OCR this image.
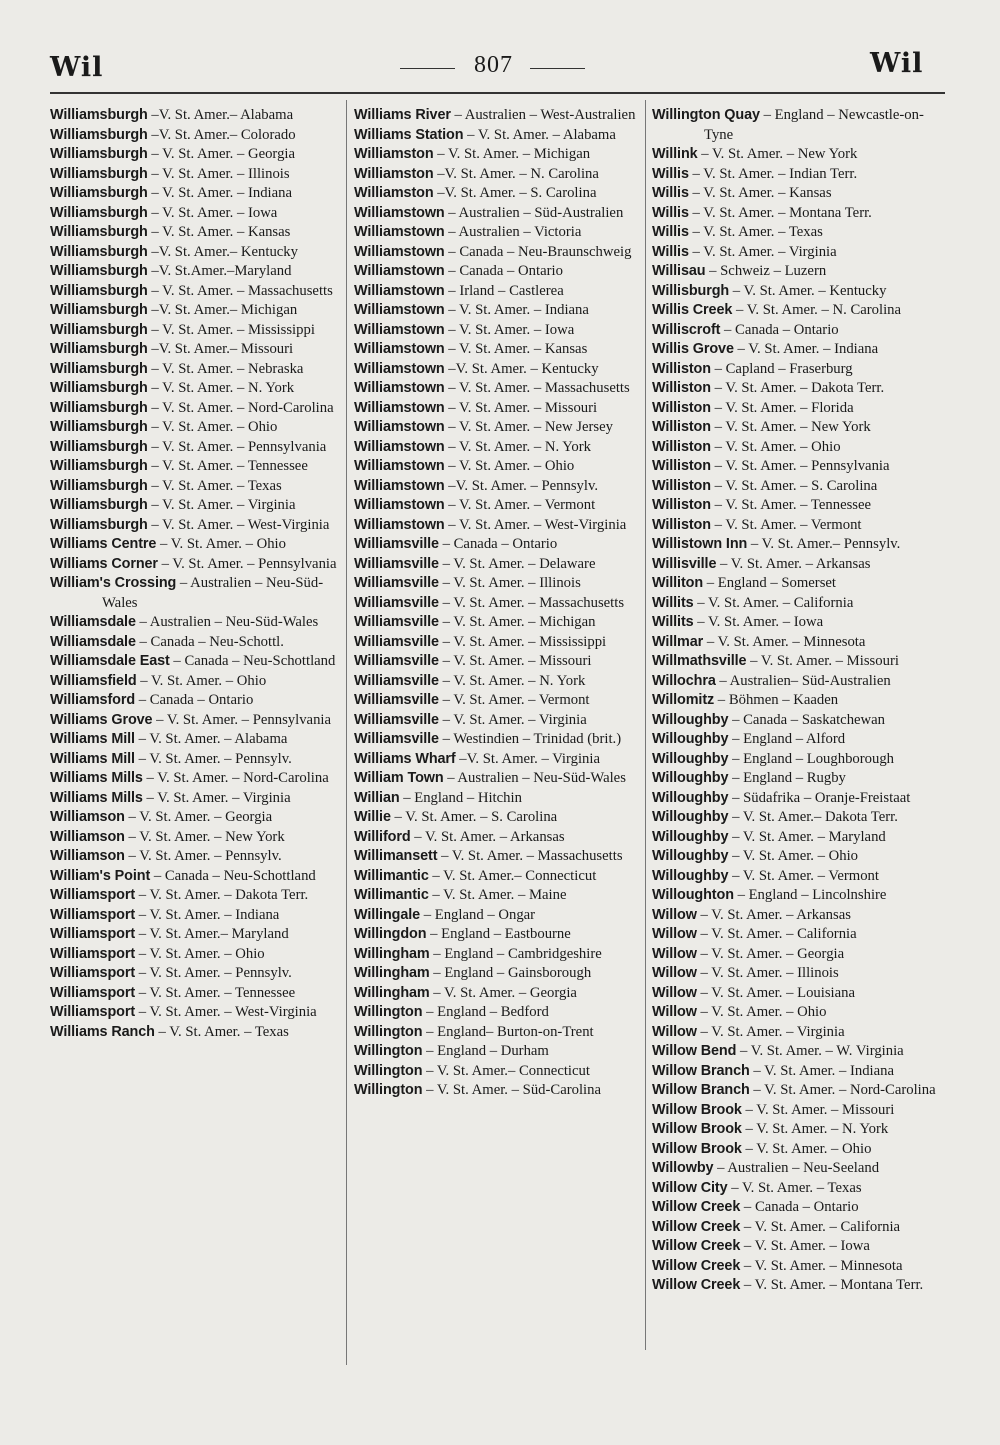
Wil	807	Wil

Williamsburgh –V. St. Amer.– Alabama

Williamsburgh –V. St. Amer.– Colorado

Williamsburgh – V. St. Amer. – Georgia

Williamsburgh – V. St. Amer. – Illinois

Williamsburgh – V. St. Amer. – Indiana

Williamsburgh – V. St. Amer. – Iowa

Williamsburgh – V. St. Amer. – Kansas

Williamsburgh –V. St. Amer.– Kentucky

Williamsburgh –V. St.Amer.–Maryland

Williamsburgh – V. St. Amer. – Massachusetts

Williamsburgh –V. St. Amer.– Michigan

Williamsburgh – V. St. Amer. – Mississippi

Williamsburgh –V. St. Amer.– Missouri

Williamsburgh – V. St. Amer. – Nebraska

Williamsburgh – V. St. Amer. – N. York

Williamsburgh – V. St. Amer. – Nord-Carolina

Williamsburgh – V. St. Amer. – Ohio

Williamsburgh – V. St. Amer. – Pennsylvania

Williamsburgh – V. St. Amer. – Tennessee

Williamsburgh – V. St. Amer. – Texas

Williamsburgh – V. St. Amer. – Virginia

Williamsburgh – V. St. Amer. – West-Virginia

Williams Centre – V. St. Amer. – Ohio

Williams Corner – V. St. Amer. – Pennsylvania

William's Crossing – Australien – Neu-Süd-Wales

Williamsdale – Australien – Neu-Süd-Wales

Williamsdale – Canada – Neu-Schottl.

Williamsdale East – Canada – Neu-Schottland

Williamsfield – V. St. Amer. – Ohio

Williamsford – Canada – Ontario

Williams Grove – V. St. Amer. – Pennsylvania

Williams Mill – V. St. Amer. – Alabama

Williams Mill – V. St. Amer. – Pennsylv.

Williams Mills – V. St. Amer. – Nord-Carolina

Williams Mills – V. St. Amer. – Virginia

Williamson – V. St. Amer. – Georgia

Williamson – V. St. Amer. – New York

Williamson – V. St. Amer. – Pennsylv.

William's Point – Canada – Neu-Schottland

Williamsport – V. St. Amer. – Dakota Terr.

Williamsport – V. St. Amer. – Indiana

Williamsport – V. St. Amer.– Maryland

Williamsport – V. St. Amer. – Ohio

Williamsport – V. St. Amer. – Pennsylv.

Williamsport – V. St. Amer. – Tennessee

Williamsport – V. St. Amer. – West-Virginia

Williams Ranch – V. St. Amer. – Texas

Williams River – Australien – West-Australien

Williams Station – V. St. Amer. – Alabama

Williamston – V. St. Amer. – Michigan

Williamston –V. St. Amer. – N. Carolina

Williamston –V. St. Amer. – S. Carolina

Williamstown – Australien – Süd-Australien

Williamstown – Australien – Victoria

Williamstown – Canada – Neu-Braunschweig

Williamstown – Canada – Ontario

Williamstown – Irland – Castlerea

Williamstown – V. St. Amer. – Indiana

Williamstown – V. St. Amer. – Iowa

Williamstown – V. St. Amer. – Kansas

Williamstown –V. St. Amer. – Kentucky

Williamstown – V. St. Amer. – Massachusetts

Williamstown – V. St. Amer. – Missouri

Williamstown – V. St. Amer. – New Jersey

Williamstown – V. St. Amer. – N. York

Williamstown – V. St. Amer. – Ohio

Williamstown –V. St. Amer. – Pennsylv.

Williamstown – V. St. Amer. – Vermont

Williamstown – V. St. Amer. – West-Virginia

Williamsville – Canada – Ontario

Williamsville – V. St. Amer. – Delaware

Williamsville – V. St. Amer. – Illinois

Williamsville – V. St. Amer. – Massachusetts

Williamsville – V. St. Amer. – Michigan

Williamsville – V. St. Amer. – Mississippi

Williamsville – V. St. Amer. – Missouri

Williamsville – V. St. Amer. – N. York

Williamsville – V. St. Amer. – Vermont

Williamsville – V. St. Amer. – Virginia

Williamsville – Westindien – Trinidad (brit.)

Williams Wharf –V. St. Amer. – Virginia

William Town – Australien – Neu-Süd-Wales

Willian – England – Hitchin

Willie – V. St. Amer. – S. Carolina

Williford – V. St. Amer. – Arkansas

Willimansett – V. St. Amer. – Massachusetts

Willimantic – V. St. Amer.– Connecticut

Willimantic – V. St. Amer. – Maine

Willingale – England – Ongar

Willingdon – England – Eastbourne

Willingham – England – Cambridgeshire

Willingham – England – Gainsborough

Willingham – V. St. Amer. – Georgia

Willington – England – Bedford

Willington – England– Burton-on-Trent

Willington – England – Durham

Willington – V. St. Amer.– Connecticut

Willington – V. St. Amer. – Süd-Carolina

Willington Quay – England – Newcastle-on-Tyne

Willink – V. St. Amer. – New York

Willis – V. St. Amer. – Indian Terr.

Willis – V. St. Amer. – Kansas

Willis – V. St. Amer. – Montana Terr.

Willis – V. St. Amer. – Texas

Willis – V. St. Amer. – Virginia

Willisau – Schweiz – Luzern

Willisburgh – V. St. Amer. – Kentucky

Willis Creek – V. St. Amer. – N. Carolina

Williscroft – Canada – Ontario

Willis Grove – V. St. Amer. – Indiana

Williston – Capland – Fraserburg

Williston – V. St. Amer. – Dakota Terr.

Williston – V. St. Amer. – Florida

Williston – V. St. Amer. – New York

Williston – V. St. Amer. – Ohio

Williston – V. St. Amer. – Pennsylvania

Williston – V. St. Amer. – S. Carolina

Williston – V. St. Amer. – Tennessee

Williston – V. St. Amer. – Vermont

Willistown Inn – V. St. Amer.– Pennsylv.

Willisville – V. St. Amer. – Arkansas

Williton – England – Somerset

Willits – V. St. Amer. – California

Willits – V. St. Amer. – Iowa

Willmar – V. St. Amer. – Minnesota

Willmathsville – V. St. Amer. – Missouri

Willochra – Australien– Süd-Australien

Willomitz – Böhmen – Kaaden

Willoughby – Canada – Saskatchewan

Willoughby – England – Alford

Willoughby – England – Loughborough

Willoughby – England – Rugby

Willoughby – Südafrika – Oranje-Freistaat

Willoughby – V. St. Amer.– Dakota Terr.

Willoughby – V. St. Amer. – Maryland

Willoughby – V. St. Amer. – Ohio

Willoughby – V. St. Amer. – Vermont

Willoughton – England – Lincolnshire

Willow – V. St. Amer. – Arkansas

Willow – V. St. Amer. – California

Willow – V. St. Amer. – Georgia

Willow – V. St. Amer. – Illinois

Willow – V. St. Amer. – Louisiana

Willow – V. St. Amer. – Ohio

Willow – V. St. Amer. – Virginia

Willow Bend – V. St. Amer. – W. Virginia

Willow Branch – V. St. Amer. – Indiana

Willow Branch – V. St. Amer. – Nord-Carolina

Willow Brook – V. St. Amer. – Missouri

Willow Brook – V. St. Amer. – N. York

Willow Brook – V. St. Amer. – Ohio

Willowby – Australien – Neu-Seeland

Willow City – V. St. Amer. – Texas

Willow Creek – Canada – Ontario

Willow Creek – V. St. Amer. – California

Willow Creek – V. St. Amer. – Iowa

Willow Creek – V. St. Amer. – Minnesota

Willow Creek – V. St. Amer. – Montana Terr.
